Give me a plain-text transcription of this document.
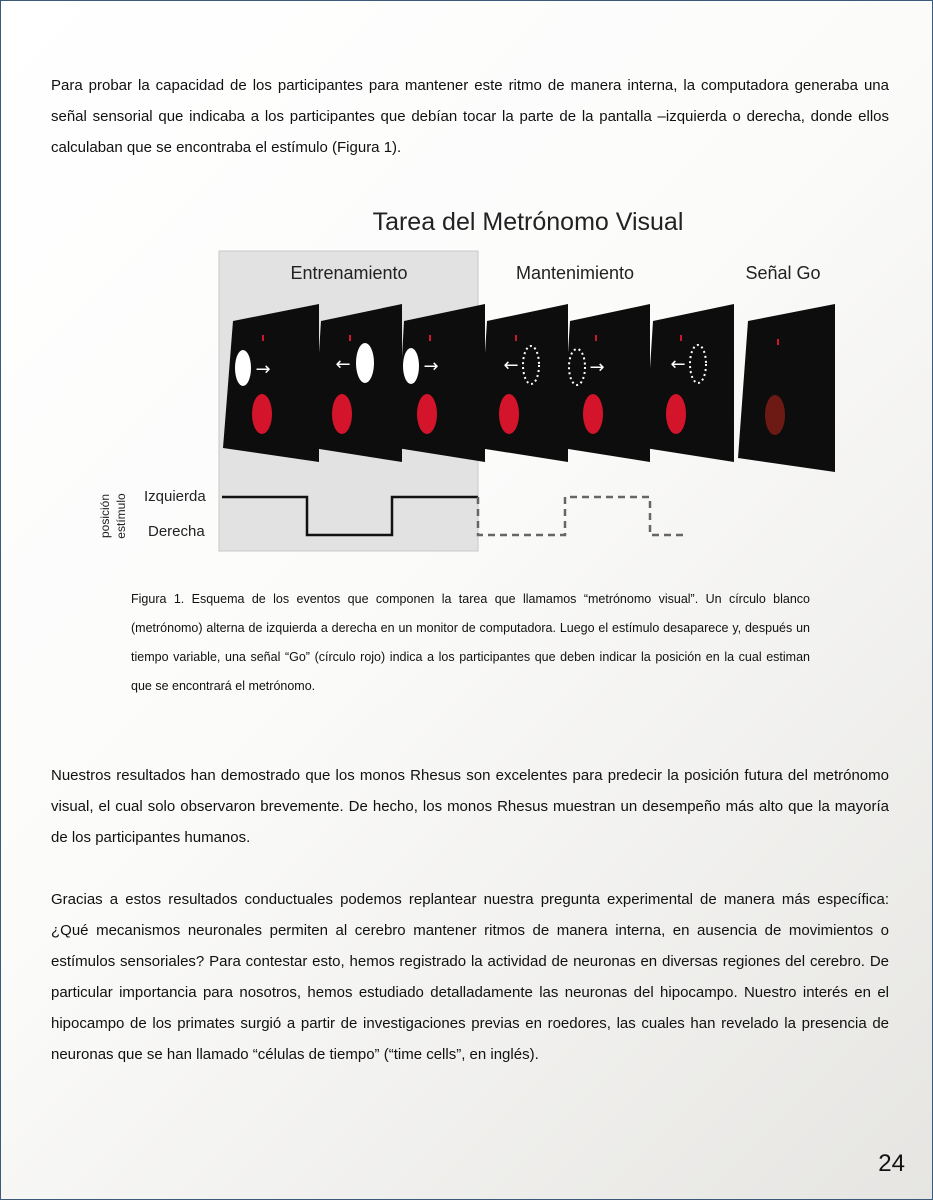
Para probar la capacidad de los participantes para mantener este ritmo de manera interna, la computadora generaba una señal sensorial que indicaba a los participantes que debían tocar la parte de la pantalla –izquierda o derecha, donde ellos calculaban que se encontraba el estímulo (Figura 1).

Tarea del Metrónomo Visual
Entrenamiento	Mantenimiento	Señal Go
→	←	→	←	→	←
posición estímulo Izquierda
Derecha

Figura 1. Esquema de los eventos que componen la tarea que llamamos “metrónomo visual”. Un círculo blanco (metrónomo) alterna de izquierda a derecha en un monitor de computadora. Luego el estímulo desaparece y, después un tiempo variable, una señal “Go” (círculo rojo) indica a los participantes que deben indicar la posición en la cual estiman que se encontrará el metrónomo.

Nuestros resultados han demostrado que los monos Rhesus son excelentes para predecir la posición futura del metrónomo visual, el cual solo observaron brevemente. De hecho, los monos Rhesus muestran un desempeño más alto que la mayoría de los participantes humanos.

Gracias a estos resultados conductuales podemos replantear nuestra pregunta experimental de manera más específica: ¿Qué mecanismos neuronales permiten al cerebro mantener ritmos de manera interna, en ausencia de movimientos o estímulos sensoriales? Para contestar esto, hemos registrado la actividad de neuronas en diversas regiones del cerebro. De particular importancia para nosotros, hemos estudiado detalladamente las neuronas del hipocampo. Nuestro interés en el hipocampo de los primates surgió a partir de investigaciones previas en roedores, las cuales han revelado la presencia de neuronas que se han llamado “células de tiempo” (“time cells”, en inglés).

24
